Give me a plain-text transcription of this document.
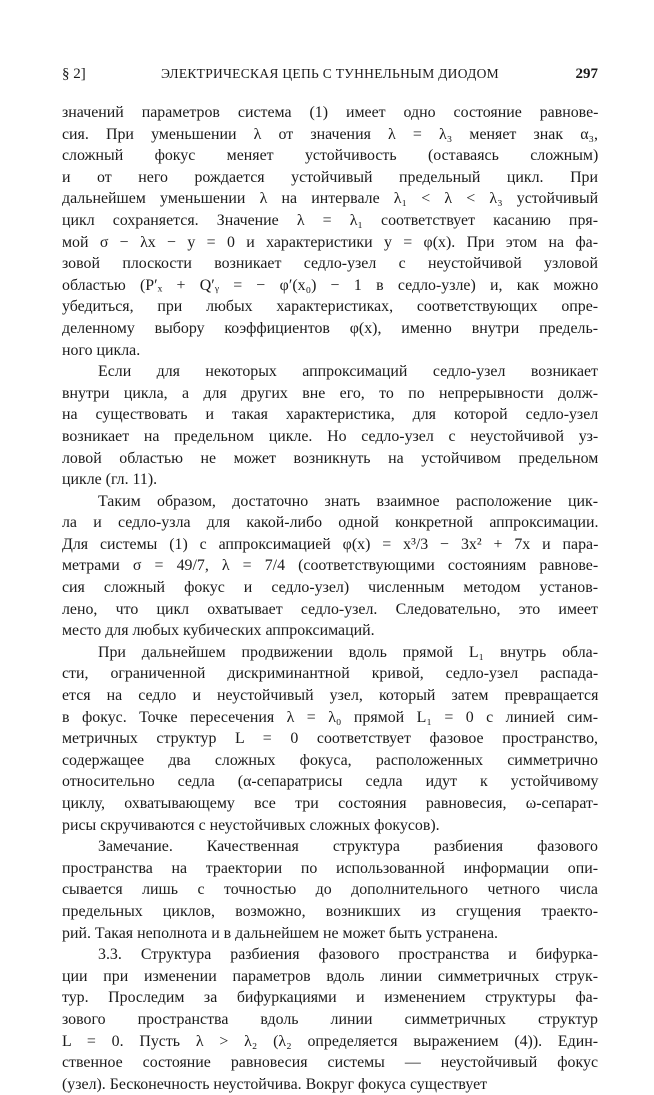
§ 2]	ЭЛЕКТРИЧЕСКАЯ ЦЕПЬ С ТУННЕЛЬНЫМ ДИОДОМ	297

значений параметров система (1) имеет одно состояние равнове-
сия. При уменьшении λ от значения λ = λ₃ меняет знак α₃,
сложный фокус меняет устойчивость (оставаясь сложным)
и от него рождается устойчивый предельный цикл. При
дальнейшем уменьшении λ на интервале λ₁ < λ < λ₃ устойчивый
цикл сохраняется. Значение λ = λ₁ соответствует касанию пря-
мой σ − λx − y = 0 и характеристики y = φ(x). При этом на фа-
зовой плоскости возникает седло-узел с неустойчивой узловой
областью (P′ₓ + Q′ᵧ = − φ′(x₀) − 1 в седло-узле) и, как можно
убедиться, при любых характеристиках, соответствующих опре-
деленному выбору коэффициентов φ(x), именно внутри предель-
ного цикла.

Если для некоторых аппроксимаций седло-узел возникает
внутри цикла, а для других вне его, то по непрерывности долж-
на существовать и такая характеристика, для которой седло-узел
возникает на предельном цикле. Но седло-узел с неустойчивой уз-
ловой областью не может возникнуть на устойчивом предельном
цикле (гл. 11).

Таким образом, достаточно знать взаимное расположение цик-
ла и седло-узла для какой-либо одной конкретной аппроксимации.
Для системы (1) с аппроксимацией φ(x) = x³/3 − 3x² + 7x и пара-
метрами σ = 49/7, λ = 7/4 (соответствующими состояниям равнове-
сия сложный фокус и седло-узел) численным методом установ-
лено, что цикл охватывает седло-узел. Следовательно, это имеет
место для любых кубических аппроксимаций.

При дальнейшем продвижении вдоль прямой L₁ внутрь обла-
сти, ограниченной дискриминантной кривой, седло-узел распада-
ется на седло и неустойчивый узел, который затем превращается
в фокус. Точке пересечения λ = λ₀ прямой L₁ = 0 с линией сим-
метричных структур L = 0 соответствует фазовое пространство,
содержащее два сложных фокуса, расположенных симметрично
относительно седла (α-сепаратрисы седла идут к устойчивому
циклу, охватывающему все три состояния равновесия, ω-сепарат-
рисы скручиваются с неустойчивых сложных фокусов).

Замечание. Качественная структура разбиения фазового
пространства на траектории по использованной информации опи-
сывается лишь с точностью до дополнительного четного числа
предельных циклов, возможно, возникших из сгущения траекто-
рий. Такая неполнота и в дальнейшем не может быть устранена.

3.3. Структура разбиения фазового пространства и бифурка-
ции при изменении параметров вдоль линии симметричных струк-
тур. Проследим за бифуркациями и изменением структуры фа-
зового пространства вдоль линии симметричных структур
L = 0. Пусть λ > λ₂ (λ₂ определяется выражением (4)). Един-
ственное состояние равновесия системы — неустойчивый фокус
(узел). Бесконечность неустойчива. Вокруг фокуса существует
